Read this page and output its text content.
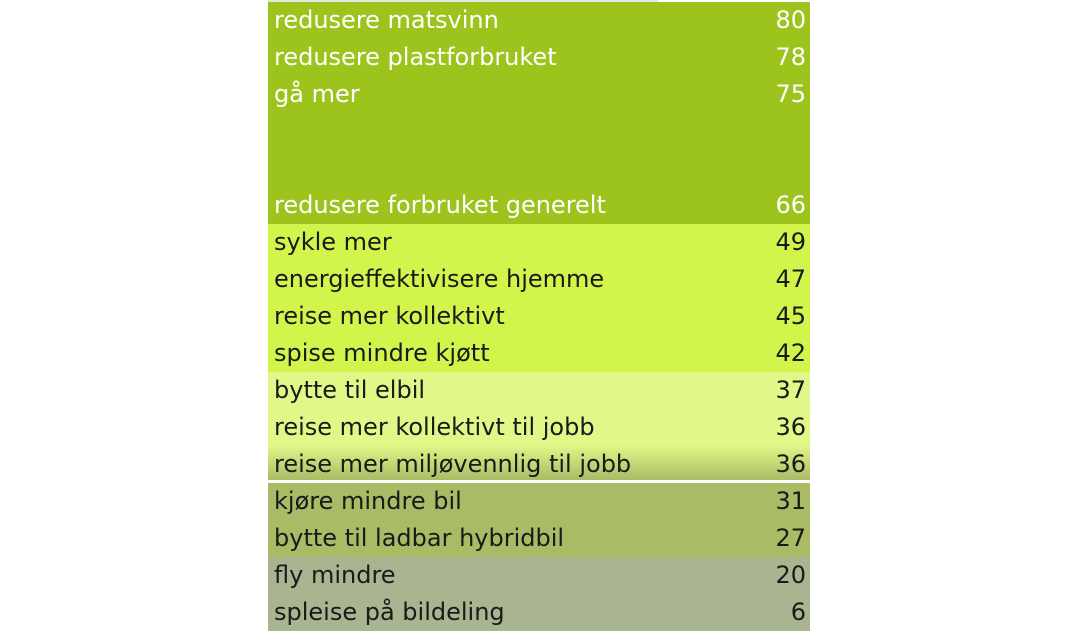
redusere matsvinn	80
redusere plastforbruket	78
gå mer	75
redusere forbruket generelt	66
sykle mer	49
energieffektivisere hjemme	47
reise mer kollektivt	45
spise mindre kjøtt	42
bytte til elbil	37
reise mer kollektivt til jobb	36
reise mer miljøvennlig til jobb	36
kjøre mindre bil	31
bytte til ladbar hybridbil	27
fly mindre	20
spleise på bildeling	6
